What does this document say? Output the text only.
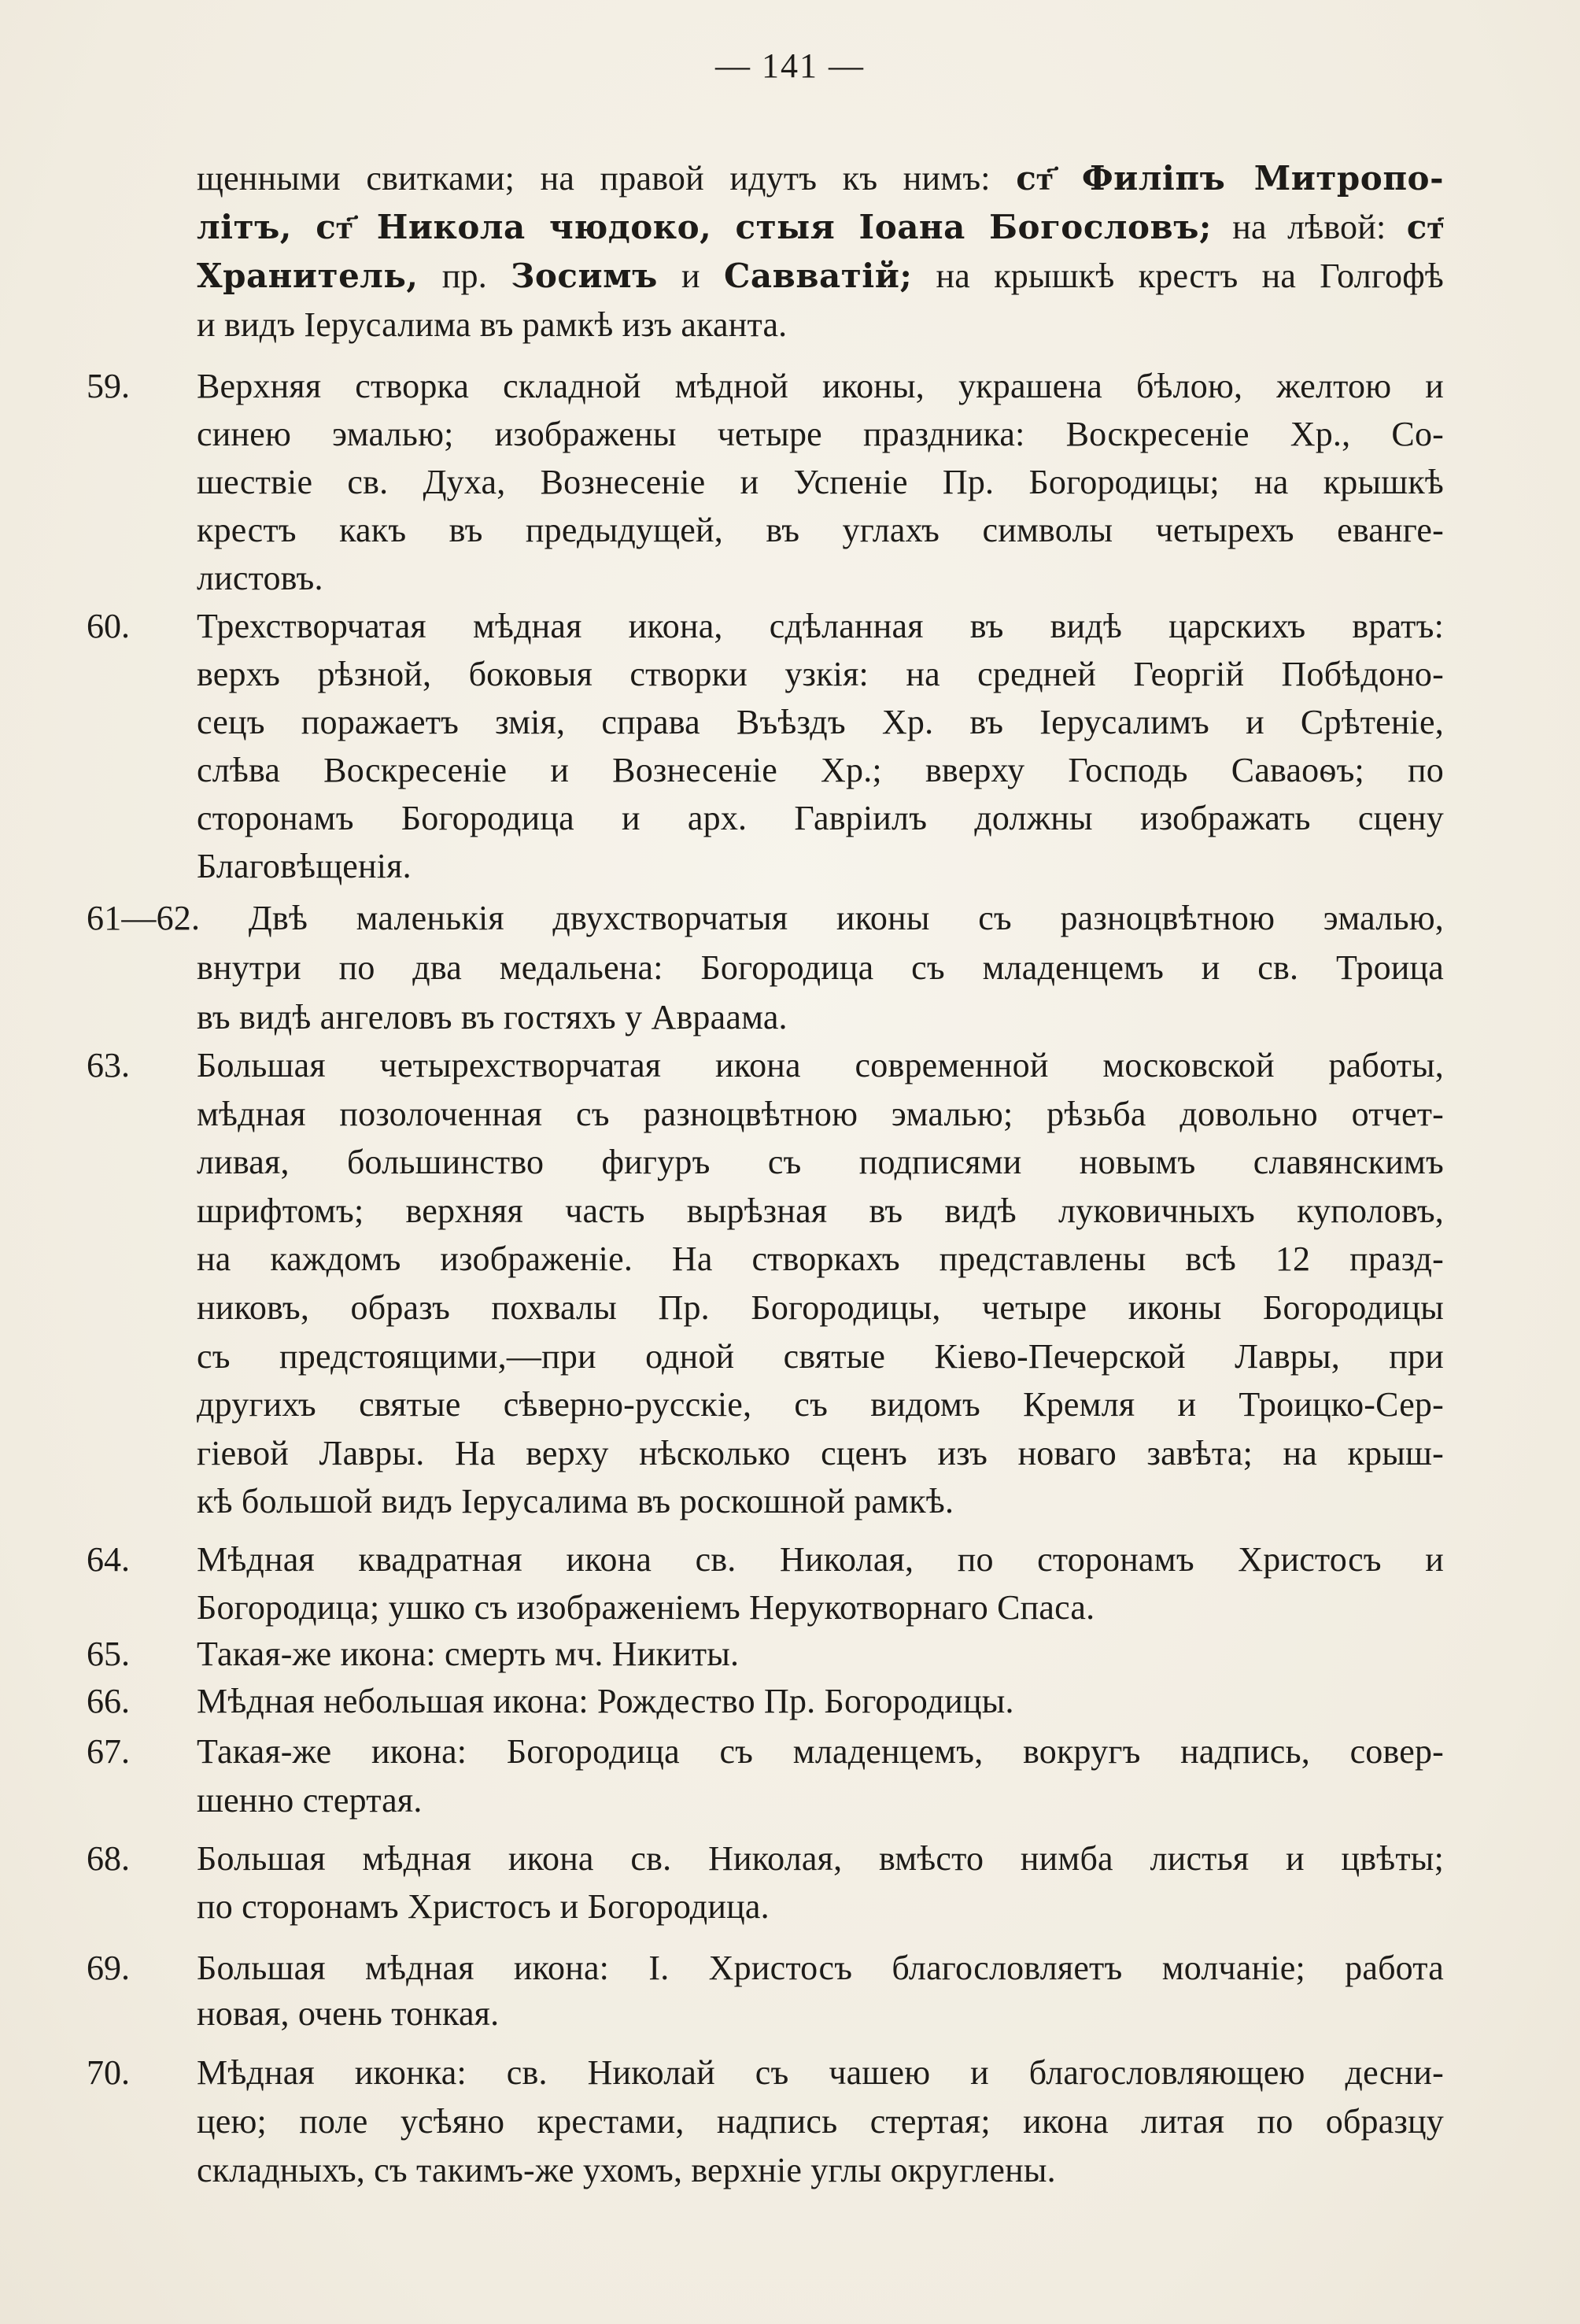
— 141 —
щенными свитками; на правой идутъ къ нимъ: ст҃ Филіпъ Митропо-
літъ, ст҃ Никола чюдоко, стыя Іоана Богословъ; на лѣвой: ст҃
Хранитель, пр. Зосимъ и Савватій; на крышкѣ крестъ на Голгофѣ
и видъ Іерусалима въ рамкѣ изъ аканта.
59. Верхняя створка складной мѣдной иконы, украшена бѣлою, желтою и
синею эмалью; изображены четыре праздника: Воскресеніе Хр., Со-
шествіе св. Духа, Вознесеніе и Успеніе Пр. Богородицы; на крышкѣ
крестъ какъ въ предыдущей, въ углахъ символы четырехъ еванге-
листовъ.
60. Трехстворчатая мѣдная икона, сдѣланная въ видѣ царскихъ вратъ:
верхъ рѣзной, боковыя створки узкія: на средней Георгій Побѣдоно-
сецъ поражаетъ змія, справа Въѣздъ Хр. въ Іерусалимъ и Срѣтеніе,
слѣва Воскресеніе и Вознесеніе Хр.; вверху Господь Саваоѳъ; по
сторонамъ Богородица и арх. Гавріилъ должны изображать сцену
Благовѣщенія.
61—62. Двѣ маленькія двухстворчатыя иконы съ разноцвѣтною эмалью,
внутри по два медальена: Богородица съ младенцемъ и св. Троица
въ видѣ ангеловъ въ гостяхъ у Авраама.
63. Большая четырехстворчатая икона современной московской работы,
мѣдная позолоченная съ разноцвѣтною эмалью; рѣзьба довольно отчет-
ливая, большинство фигуръ съ подписями новымъ славянскимъ
шрифтомъ; верхняя часть вырѣзная въ видѣ луковичныхъ куполовъ,
на каждомъ изображеніе. На створкахъ представлены всѣ 12 празд-
никовъ, образъ похвалы Пр. Богородицы, четыре иконы Богородицы
съ предстоящими,—при одной святые Кіево-Печерской Лавры, при
другихъ святые сѣверно-русскіе, съ видомъ Кремля и Троицко-Сер-
гіевой Лавры. На верху нѣсколько сценъ изъ новаго завѣта; на крыш-
кѣ большой видъ Іерусалима въ роскошной рамкѣ.
64. Мѣдная квадратная икона св. Николая, по сторонамъ Христосъ и
Богородица; ушко съ изображеніемъ Нерукотворнаго Спаса.
65. Такая-же икона: смерть мч. Никиты.
66. Мѣдная небольшая икона: Рождество Пр. Богородицы.
67. Такая-же икона: Богородица съ младенцемъ, вокругъ надпись, совер-
шенно стертая.
68. Большая мѣдная икона св. Николая, вмѣсто нимба листья и цвѣты;
по сторонамъ Христосъ и Богородица.
69. Большая мѣдная икона: І. Христосъ благословляетъ молчаніе; работа
новая, очень тонкая.
70. Мѣдная иконка: св. Николай съ чашею и благословляющею десни-
цею; поле усѣяно крестами, надпись стертая; икона литая по образцу
складныхъ, съ такимъ-же ухомъ, верхніе углы округлены.
